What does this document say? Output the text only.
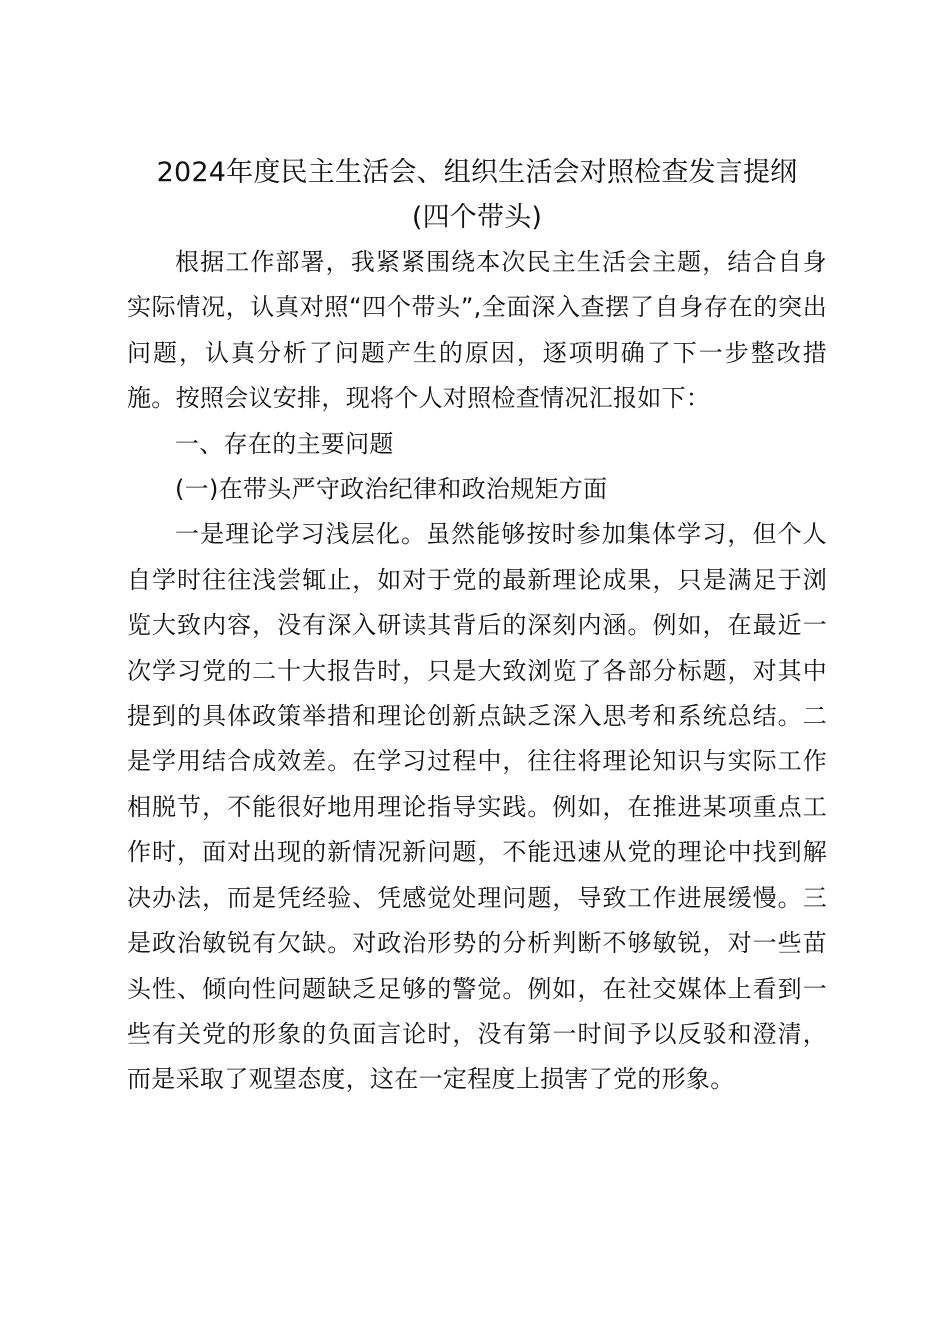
2024年度民主生活会、组织生活会对照检查发言提纲
(四个带头)

根据工作部署，我紧紧围绕本次民主生活会主题，结合自身实际情况，认真对照“四个带头”,全面深入查摆了自身存在的突出问题，认真分析了问题产生的原因，逐项明确了下一步整改措施。按照会议安排，现将个人对照检查情况汇报如下：

一、存在的主要问题

(一)在带头严守政治纪律和政治规矩方面

一是理论学习浅层化。虽然能够按时参加集体学习，但个人自学时往往浅尝辄止，如对于党的最新理论成果，只是满足于浏览大致内容，没有深入研读其背后的深刻内涵。例如，在最近一次学习党的二十大报告时，只是大致浏览了各部分标题，对其中提到的具体政策举措和理论创新点缺乏深入思考和系统总结。二是学用结合成效差。在学习过程中，往往将理论知识与实际工作相脱节，不能很好地用理论指导实践。例如，在推进某项重点工作时，面对出现的新情况新问题，不能迅速从党的理论中找到解决办法，而是凭经验、凭感觉处理问题，导致工作进展缓慢。三是政治敏锐有欠缺。对政治形势的分析判断不够敏锐，对一些苗头性、倾向性问题缺乏足够的警觉。例如，在社交媒体上看到一些有关党的形象的负面言论时，没有第一时间予以反驳和澄清，而是采取了观望态度，这在一定程度上损害了党的形象。
